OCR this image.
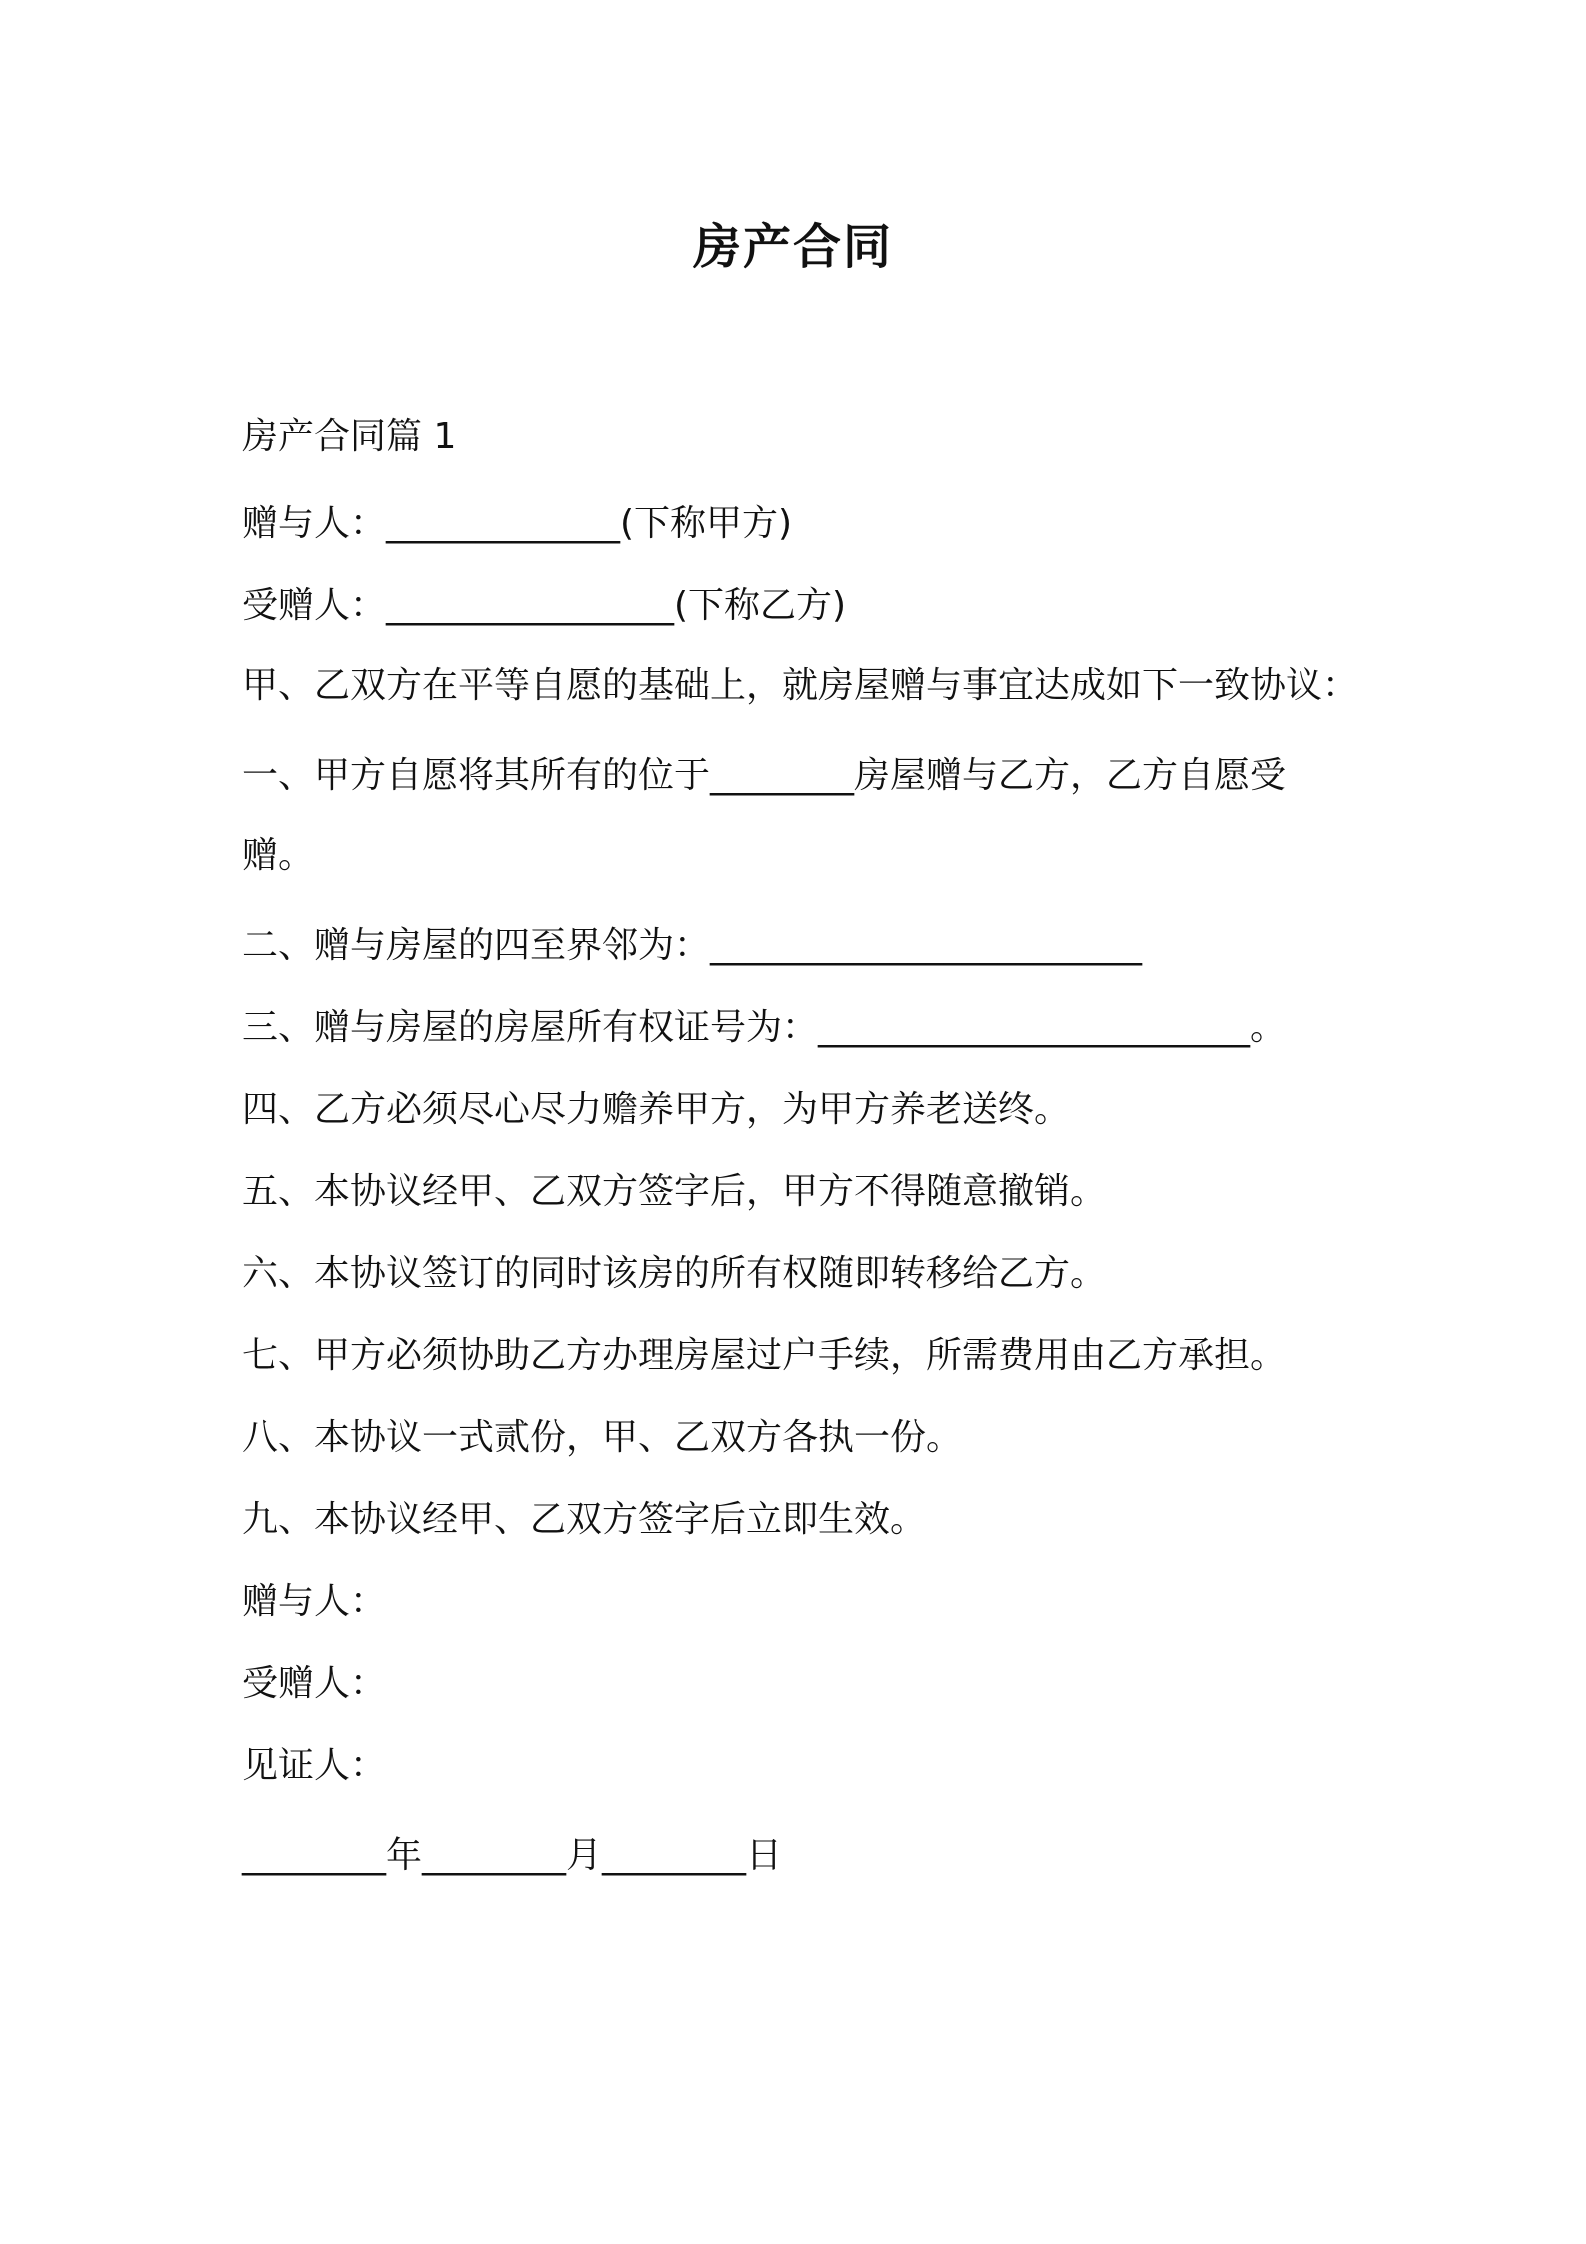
房产合同
房产合同篇 1
赠与人：_____________(下称甲方)
受赠人：________________(下称乙方)
甲、乙双方在平等自愿的基础上，就房屋赠与事宜达成如下一致协议：
一、甲方自愿将其所有的位于________房屋赠与乙方，乙方自愿受
赠。
二、赠与房屋的四至界邻为：________________________
三、赠与房屋的房屋所有权证号为：________________________。
四、乙方必须尽心尽力赡养甲方，为甲方养老送终。
五、本协议经甲、乙双方签字后，甲方不得随意撤销。
六、本协议签订的同时该房的所有权随即转移给乙方。
七、甲方必须协助乙方办理房屋过户手续，所需费用由乙方承担。
八、本协议一式贰份，甲、乙双方各执一份。
九、本协议经甲、乙双方签字后立即生效。
赠与人：
受赠人：
见证人：
________年________月________日
